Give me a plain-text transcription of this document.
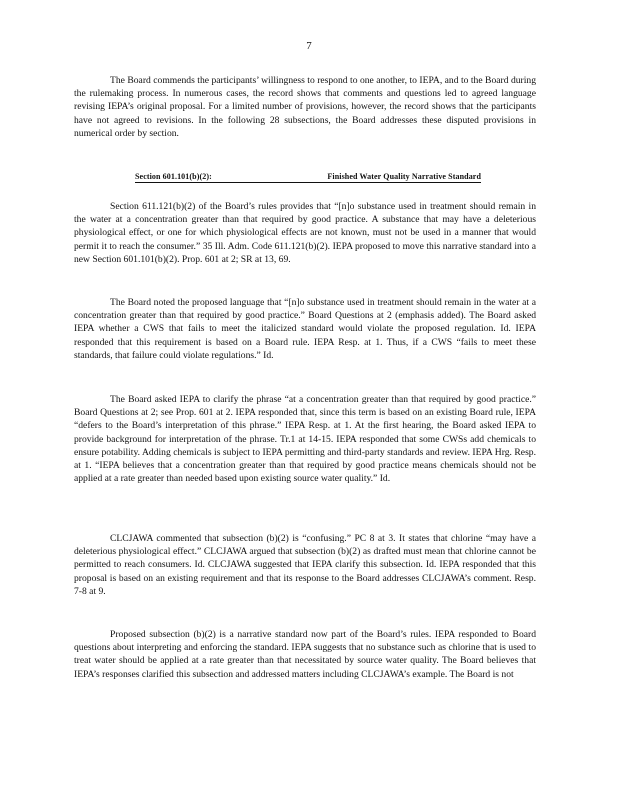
7

The Board commends the participants’ willingness to respond to one another, to IEPA, and to the Board during the rulemaking process. In numerous cases, the record shows that comments and questions led to agreed language revising IEPA’s original proposal. For a limited number of provisions, however, the record shows that the participants have not agreed to revisions. In the following 28 subsections, the Board addresses these disputed provisions in numerical order by section.

Section 601.101(b)(2):	Finished Water Quality Narrative Standard

Section 611.121(b)(2) of the Board’s rules provides that “[n]o substance used in treatment should remain in the water at a concentration greater than that required by good practice. A substance that may have a deleterious physiological effect, or one for which physiological effects are not known, must not be used in a manner that would permit it to reach the consumer.” 35 Ill. Adm. Code 611.121(b)(2). IEPA proposed to move this narrative standard into a new Section 601.101(b)(2). Prop. 601 at 2; SR at 13, 69.

The Board noted the proposed language that “[n]o substance used in treatment should remain in the water at a concentration greater than that required by good practice.” Board Questions at 2 (emphasis added). The Board asked IEPA whether a CWS that fails to meet the italicized standard would violate the proposed regulation. Id. IEPA responded that this requirement is based on a Board rule. IEPA Resp. at 1. Thus, if a CWS “fails to meet these standards, that failure could violate regulations.” Id.

The Board asked IEPA to clarify the phrase “at a concentration greater than that required by good practice.” Board Questions at 2; see Prop. 601 at 2. IEPA responded that, since this term is based on an existing Board rule, IEPA “defers to the Board’s interpretation of this phrase.” IEPA Resp. at 1. At the first hearing, the Board asked IEPA to provide background for interpretation of the phrase. Tr.1 at 14-15. IEPA responded that some CWSs add chemicals to ensure potability. Adding chemicals is subject to IEPA permitting and third-party standards and review. IEPA Hrg. Resp. at 1. “IEPA believes that a concentration greater than that required by good practice means chemicals should not be applied at a rate greater than needed based upon existing source water quality.” Id.

CLCJAWA commented that subsection (b)(2) is “confusing.” PC 8 at 3. It states that chlorine “may have a deleterious physiological effect.” CLCJAWA argued that subsection (b)(2) as drafted must mean that chlorine cannot be permitted to reach consumers. Id. CLCJAWA suggested that IEPA clarify this subsection. Id. IEPA responded that this proposal is based on an existing requirement and that its response to the Board addresses CLCJAWA’s comment. Resp. 7-8 at 9.

Proposed subsection (b)(2) is a narrative standard now part of the Board’s rules. IEPA responded to Board questions about interpreting and enforcing the standard. IEPA suggests that no substance such as chlorine that is used to treat water should be applied at a rate greater than that necessitated by source water quality. The Board believes that IEPA’s responses clarified this subsection and addressed matters including CLCJAWA’s example. The Board is not
